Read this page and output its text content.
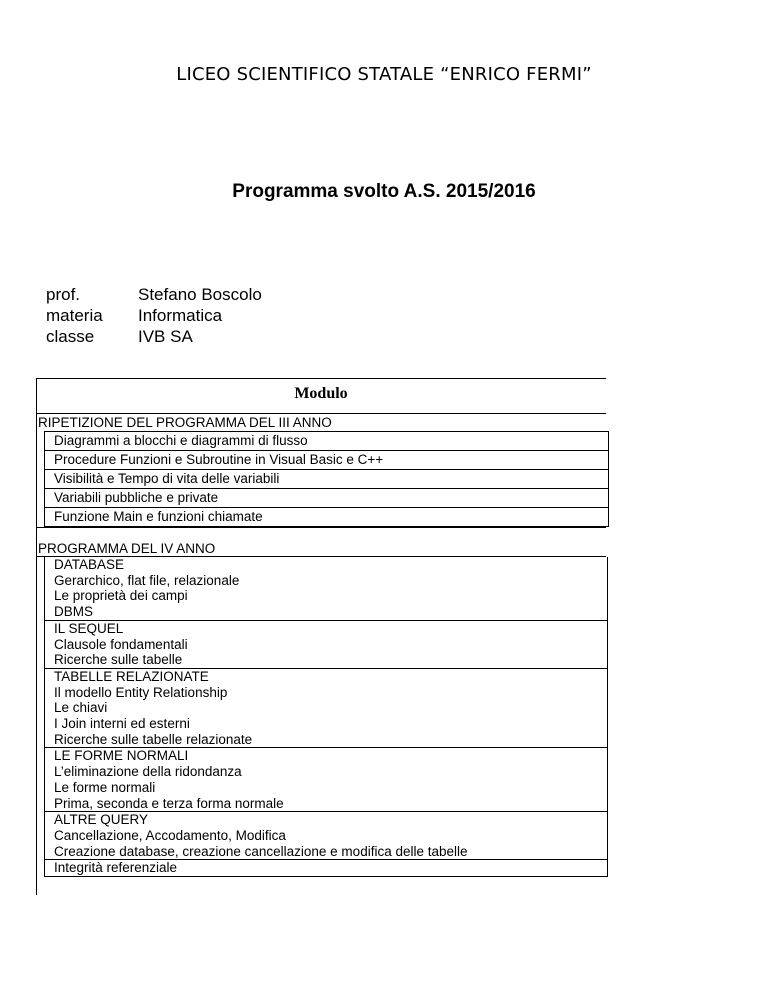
LICEO SCIENTIFICO STATALE “ENRICO FERMI”
Programma svolto A.S. 2015/2016
prof.	Stefano Boscolo
materia	Informatica
classe	IVB SA
Modulo
RIPETIZIONE DEL PROGRAMMA DEL III ANNO
Diagrammi a blocchi e diagrammi di flusso
Procedure Funzioni e Subroutine in Visual Basic e C++
Visibilità e Tempo di vita delle variabili
Variabili pubbliche e private
Funzione Main e funzioni chiamate
PROGRAMMA DEL IV ANNO
DATABASE
Gerarchico, flat file, relazionale
Le proprietà dei campi
DBMS
IL SEQUEL
Clausole fondamentali
Ricerche sulle tabelle
TABELLE RELAZIONATE
Il modello Entity Relationship
Le chiavi
I Join interni ed esterni
Ricerche sulle tabelle relazionate
LE FORME NORMALI
L’eliminazione della ridondanza
Le forme normali
Prima, seconda e terza forma normale
ALTRE QUERY
Cancellazione, Accodamento, Modifica
Creazione database, creazione cancellazione e modifica delle tabelle
Integrità referenziale
